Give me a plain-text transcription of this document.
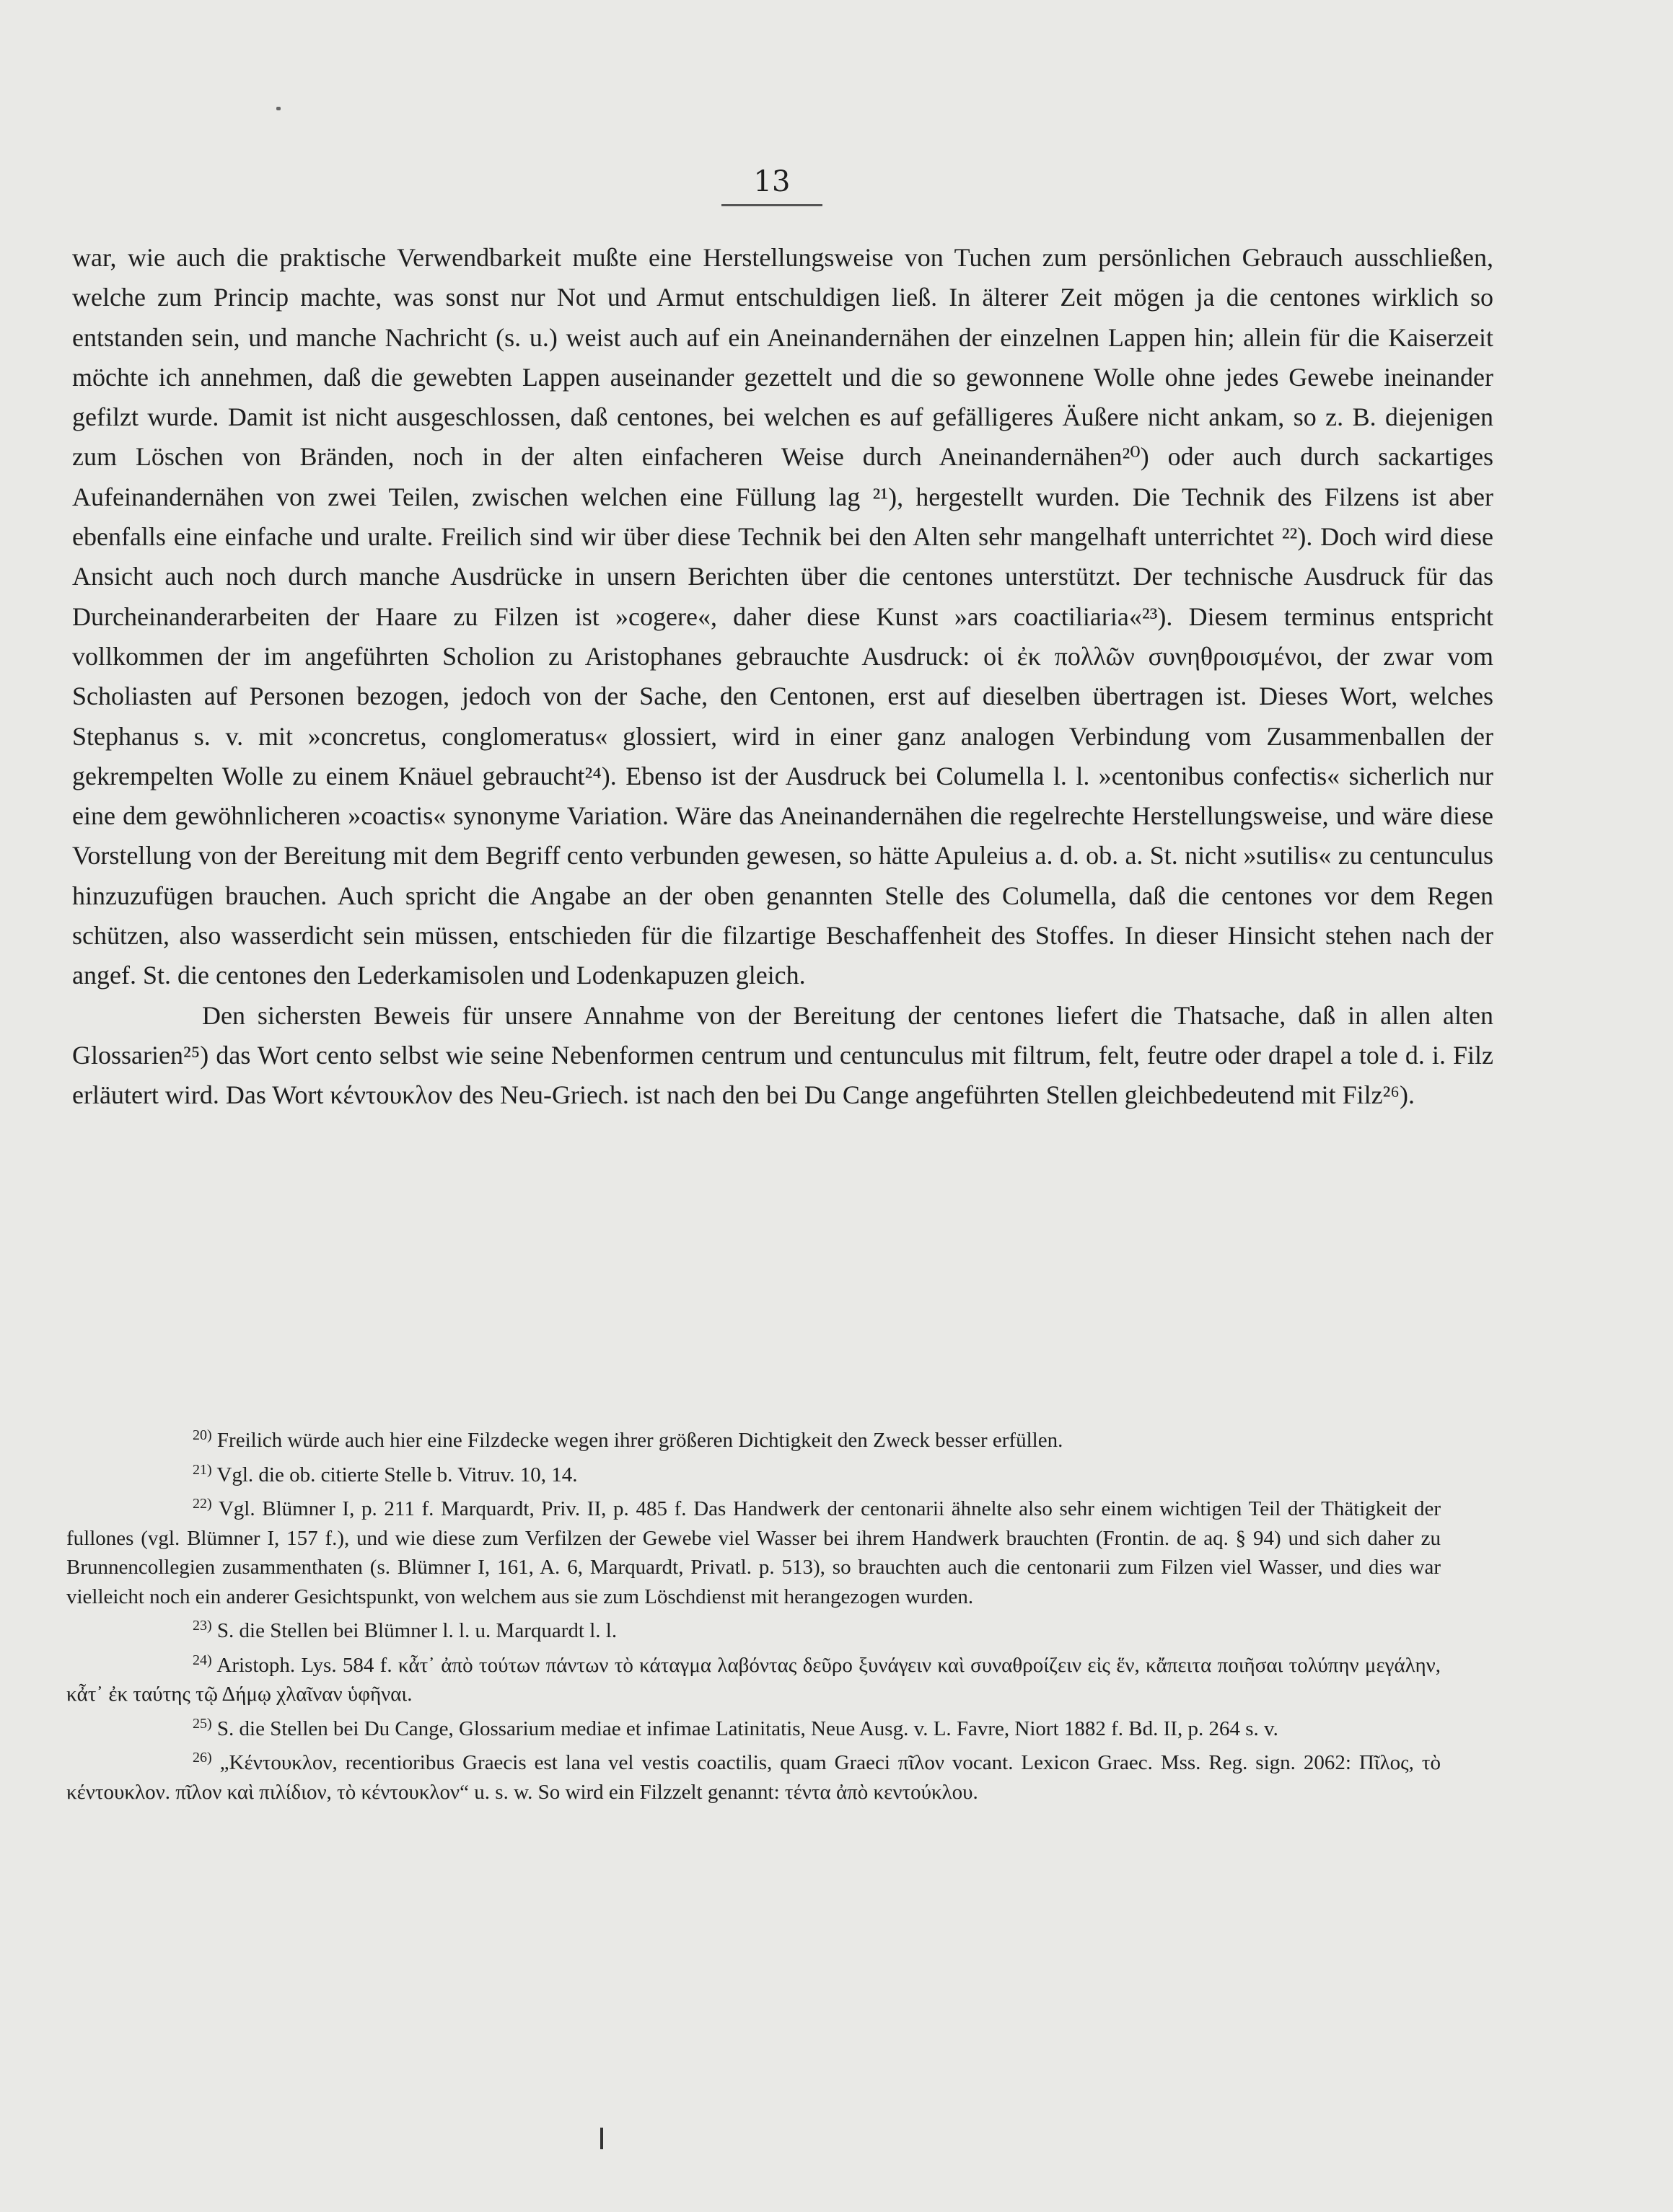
13

war, wie auch die praktische Verwendbarkeit mußte eine Herstellungsweise von Tuchen zum persönlichen Gebrauch ausschließen, welche zum Princip machte, was sonst nur Not und Armut entschuldigen ließ. In älterer Zeit mögen ja die centones wirklich so entstanden sein, und manche Nachricht (s. u.) weist auch auf ein Aneinandernähen der einzelnen Lappen hin; allein für die Kaiserzeit möchte ich annehmen, daß die gewebten Lappen auseinander gezettelt und die so gewonnene Wolle ohne jedes Gewebe ineinander gefilzt wurde. Damit ist nicht ausgeschlossen, daß centones, bei welchen es auf gefälligeres Äußere nicht ankam, so z. B. diejenigen zum Löschen von Bränden, noch in der alten einfacheren Weise durch Aneinandernähen²⁰) oder auch durch sackartiges Aufeinandernähen von zwei Teilen, zwischen welchen eine Füllung lag ²¹), hergestellt wurden. Die Technik des Filzens ist aber ebenfalls eine einfache und uralte. Freilich sind wir über diese Technik bei den Alten sehr mangelhaft unterrichtet ²²). Doch wird diese Ansicht auch noch durch manche Ausdrücke in unsern Berichten über die centones unterstützt. Der technische Ausdruck für das Durcheinanderarbeiten der Haare zu Filzen ist »cogere«, daher diese Kunst »ars coactiliaria«²³). Diesem terminus entspricht vollkommen der im angeführten Scholion zu Aristophanes gebrauchte Ausdruck: οἱ ἐκ πολλῶν συνηθροισμένοι, der zwar vom Scholiasten auf Personen bezogen, jedoch von der Sache, den Centonen, erst auf dieselben übertragen ist. Dieses Wort, welches Stephanus s. v. mit »concretus, conglomeratus« glossiert, wird in einer ganz analogen Verbindung vom Zusammenballen der gekrempelten Wolle zu einem Knäuel gebraucht²⁴). Ebenso ist der Ausdruck bei Columella l. l. »centonibus confectis« sicherlich nur eine dem gewöhnlicheren »coactis« synonyme Variation. Wäre das Aneinandernähen die regelrechte Herstellungsweise, und wäre diese Vorstellung von der Bereitung mit dem Begriff cento verbunden gewesen, so hätte Apuleius a. d. ob. a. St. nicht »sutilis« zu centunculus hinzuzufügen brauchen. Auch spricht die Angabe an der oben genannten Stelle des Columella, daß die centones vor dem Regen schützen, also wasserdicht sein müssen, entschieden für die filzartige Beschaffenheit des Stoffes. In dieser Hinsicht stehen nach der angef. St. die centones den Lederkamisolen und Lodenkapuzen gleich.

Den sichersten Beweis für unsere Annahme von der Bereitung der centones liefert die Thatsache, daß in allen alten Glossarien²⁵) das Wort cento selbst wie seine Nebenformen centrum und centunculus mit filtrum, felt, feutre oder drapel a tole d. i. Filz erläutert wird. Das Wort κέντουκλον des Neu-Griech. ist nach den bei Du Cange angeführten Stellen gleichbedeutend mit Filz²⁶).

$^{20)}$ Freilich würde auch hier eine Filzdecke wegen ihrer größeren Dichtigkeit den Zweck besser erfüllen.

$^{21)}$ Vgl. die ob. citierte Stelle b. Vitruv. 10, 14.

$^{22)}$ Vgl. Blümner I, p. 211 f. Marquardt, Priv. II, p. 485 f. Das Handwerk der centonarii ähnelte also sehr einem wichtigen Teil der Thätigkeit der fullones (vgl. Blümner I, 157 f.), und wie diese zum Verfilzen der Gewebe viel Wasser bei ihrem Handwerk brauchten (Frontin. de aq. § 94) und sich daher zu Brunnencollegien zusammenthaten (s. Blümner I, 161, A. 6, Marquardt, Privatl. p. 513), so brauchten auch die centonarii zum Filzen viel Wasser, und dies war vielleicht noch ein anderer Gesichtspunkt, von welchem aus sie zum Löschdienst mit herangezogen wurden.

$^{23)}$ S. die Stellen bei Blümner l. l. u. Marquardt l. l.

$^{24)}$ Aristoph. Lys. 584 f. κἆτ᾽ ἀπὸ τούτων πάντων τὸ κάταγμα λαβόντας δεῦρο ξυνάγειν καὶ συναθροίζειν εἰς ἕν, κἄπειτα ποιῆσαι τολύπην μεγάλην, κἆτ᾽ ἐκ ταύτης τῷ Δήμῳ χλαῖναν ὑφῆναι.

$^{25)}$ S. die Stellen bei Du Cange, Glossarium mediae et infimae Latinitatis, Neue Ausg. v. L. Favre, Niort 1882 f. Bd. II, p. 264 s. v.

$^{26)}$ „Κέντουκλον, recentioribus Graecis est lana vel vestis coactilis, quam Graeci πῖλον vocant. Lexicon Graec. Mss. Reg. sign. 2062: Πῖλος, τὸ κέντουκλον. πῖλον καὶ πιλίδιον, τὸ κέντουκλον“ u. s. w. So wird ein Filzzelt genannt: τέντα ἀπὸ κεντούκλου.
